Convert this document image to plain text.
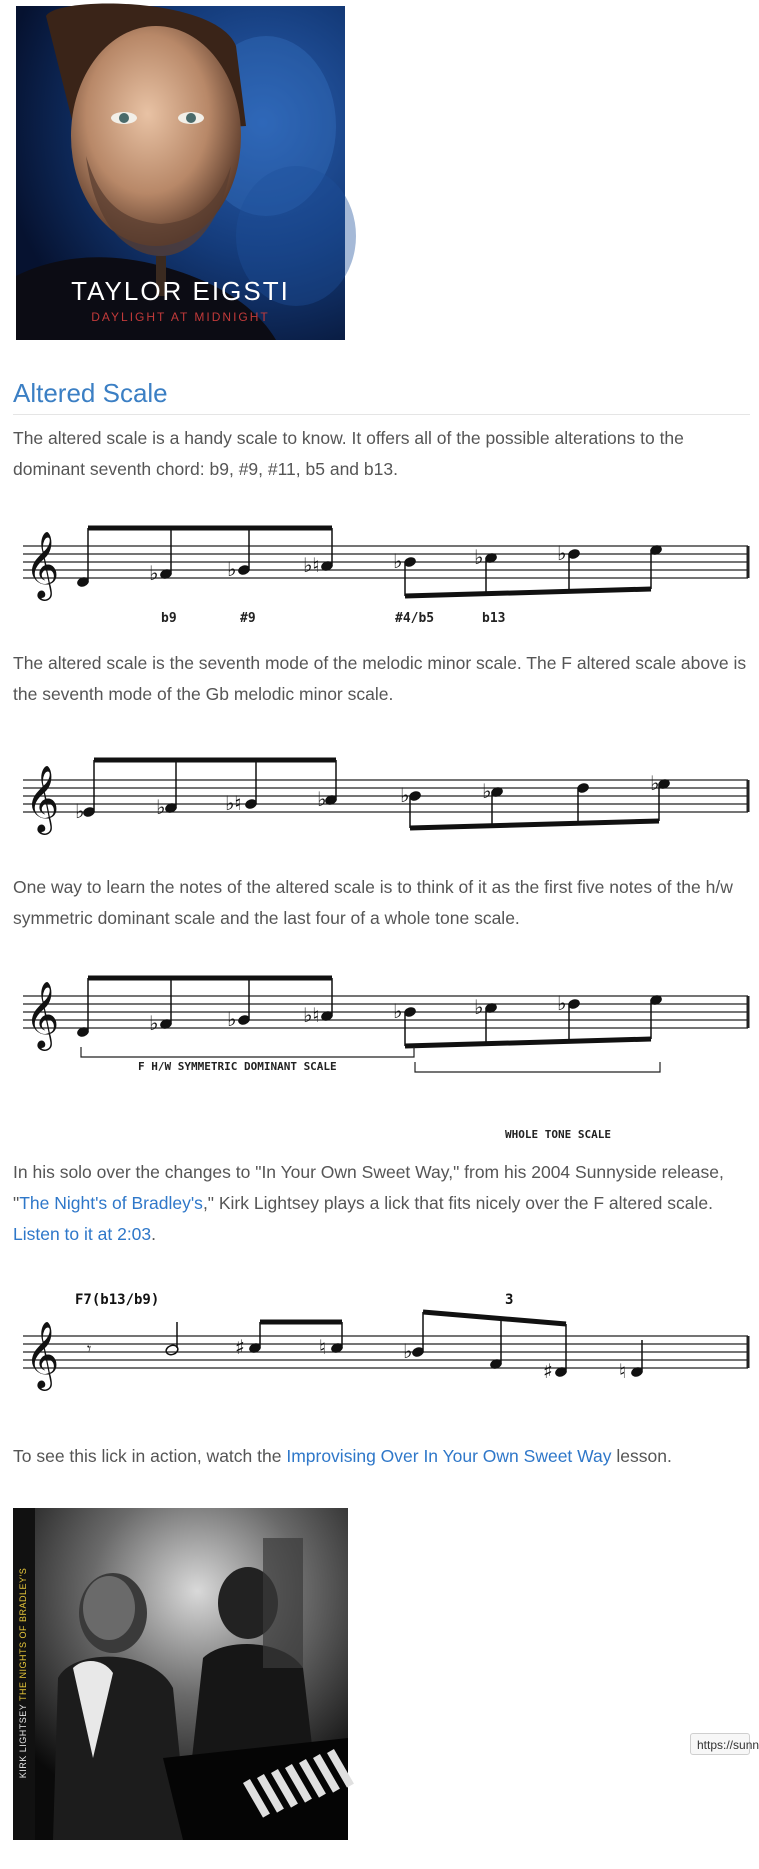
TAYLOR EIGSTI
DAYLIGHT AT MIDNIGHT
Altered Scale

The altered scale is a handy scale to know. It offers all of the possible alterations to the dominant seventh chord: b9, #9, #11, b5 and b13.

𝄞	♭	♭	♭♮	♭	♭	♭
b9	#9	#4/b5	b13

The altered scale is the seventh mode of the melodic minor scale. The F altered scale above is the seventh mode of the Gb melodic minor scale.

𝄞 ♭	♭	♭♮	♭	♭	♭	♭

One way to learn the notes of the altered scale is to think of it as the first five notes of the h/w symmetric dominant scale and the last four of a whole tone scale.

𝄞	♭	♭	♭♮	♭	♭	♭
F H/W SYMMETRIC DOMINANT SCALE
WHOLE TONE SCALE

In his solo over the changes to "In Your Own Sweet Way," from his 2004 Sunnyside release, "The Night's of Bradley's," Kirk Lightsey plays a lick that fits nicely over the F altered scale. Listen to it at 2:03.

𝄞
F7(b13/b9)
𝄾
3
♯	♮	♭
♯	♮

To see this lick in action, watch the Improvising Over In Your Own Sweet Way lesson.

KIRK LIGHTSEY THE NIGHTS OF BRADLEY'S
https://sunn
